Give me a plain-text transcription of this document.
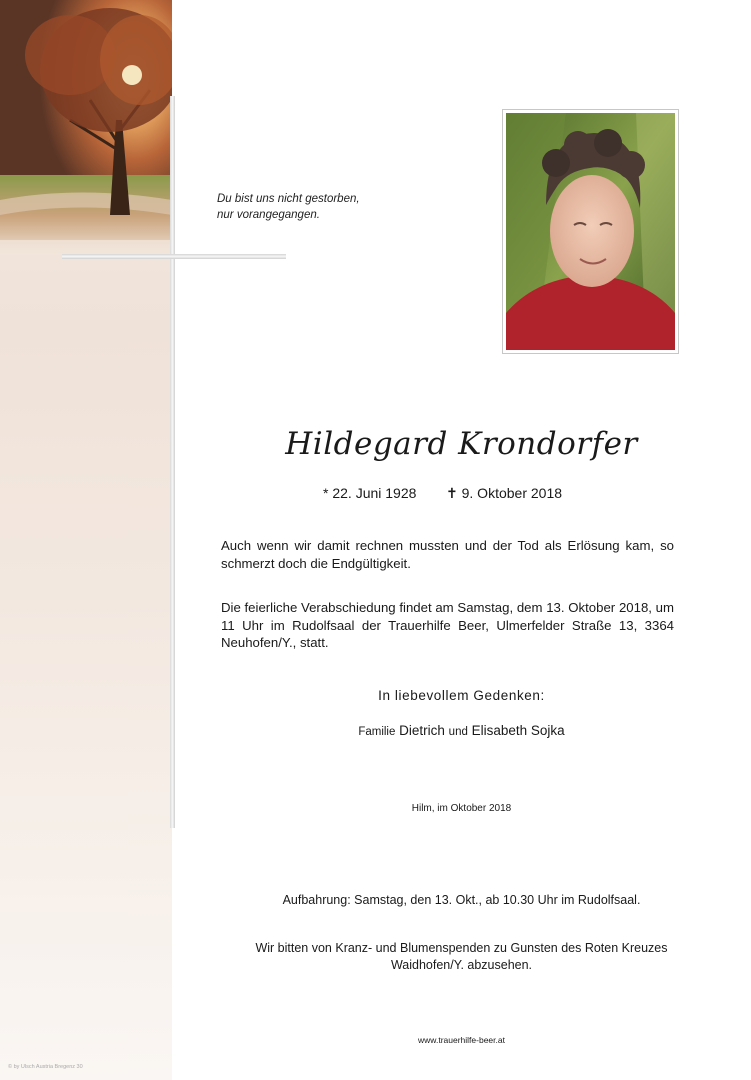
Du bist uns nicht gestorben,
nur vorangegangen.
Hildegard Krondorfer
* 22. Juni 1928 ✝ 9. Oktober 2018
Auch wenn wir damit rechnen mussten und der Tod als Erlösung kam, so schmerzt doch die Endgültigkeit.
Die feierliche Verabschiedung findet am Samstag, dem 13. Oktober 2018, um 11 Uhr im Rudolfsaal der Trauerhilfe Beer, Ulmerfelder Straße 13, 3364 Neuhofen/Y., statt.
In liebevollem Gedenken:
Familie Dietrich und Elisabeth Sojka
Hilm, im Oktober 2018
Aufbahrung: Samstag, den 13. Okt., ab 10.30 Uhr im Rudolfsaal.
Wir bitten von Kranz- und Blumenspenden zu Gunsten des Roten Kreuzes
Waidhofen/Y. abzusehen.
www.trauerhilfe-beer.at
© by Ulsch Austria Bregenz 30
